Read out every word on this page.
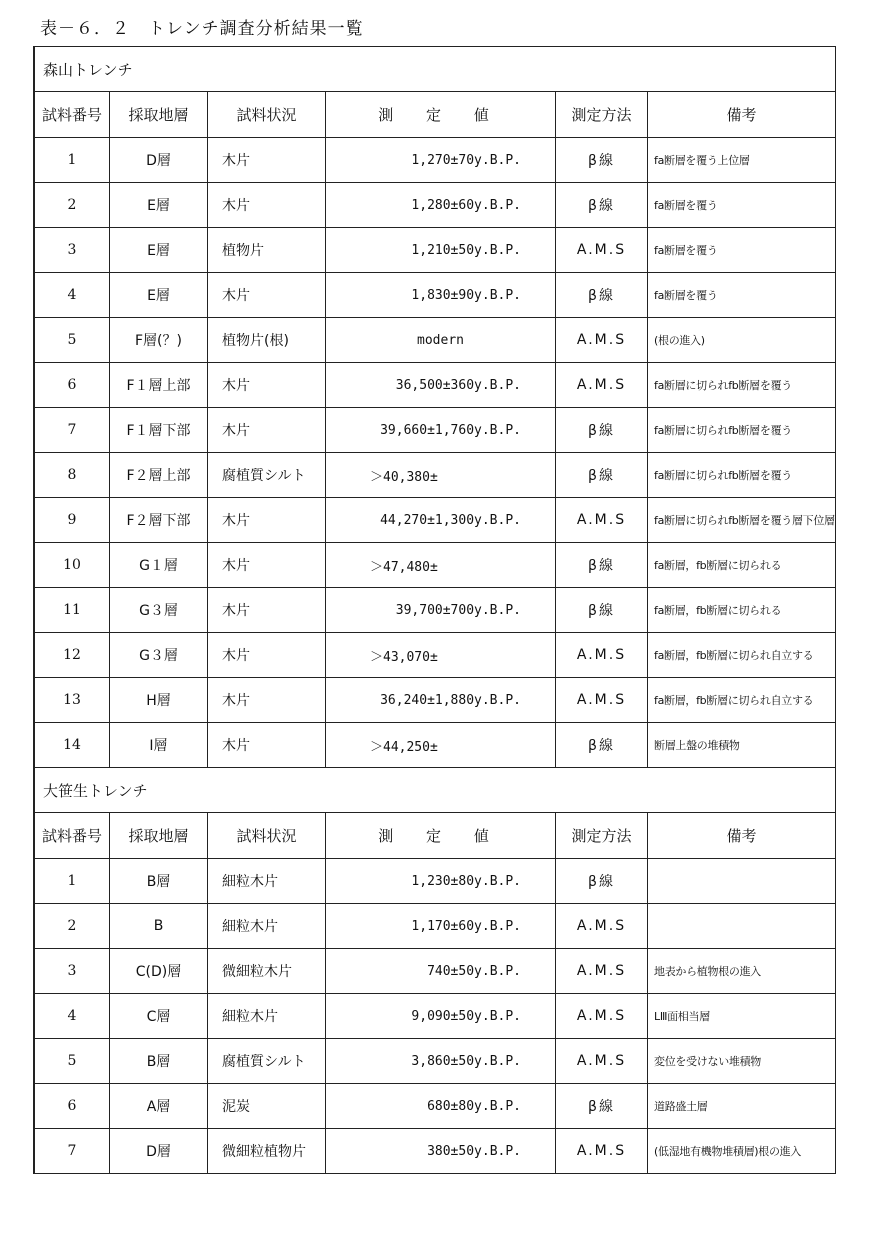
表－６．２　トレンチ調査分析結果一覧
森山トレンチ					
試料番号	採取地層	試料状況	測 定 値	測定方法	備考
1	D層	木片	1,270±70y.B.P.	β線	fa断層を覆う上位層
2	E層	木片	1,280±60y.B.P.	β線	fa断層を覆う
3	E層	植物片	1,210±50y.B.P.	A.M.S	fa断層を覆う
4	E層	木片	1,830±90y.B.P.	β線	fa断層を覆う
5	F層(？)	植物片(根)	modern	A.M.S	(根の進入)
6	F１層上部	木片	36,500±360y.B.P.	A.M.S	fa断層に切られfb断層を覆う
7	F１層下部	木片	39,660±1,760y.B.P.	β線	fa断層に切られfb断層を覆う
8	F２層上部	腐植質シルト	＞40,380±	β線	fa断層に切られfb断層を覆う
9	F２層下部	木片	44,270±1,300y.B.P.	A.M.S	fa断層に切られfb断層を覆う層下位層
10	G１層	木片	＞47,480±	β線	fa断層，fb断層に切られる
11	G３層	木片	39,700±700y.B.P.	β線	fa断層，fb断層に切られる
12	G３層	木片	＞43,070±	A.M.S	fa断層，fb断層に切られ自立する
13	H層	木片	36,240±1,880y.B.P.	A.M.S	fa断層，fb断層に切られ自立する
14	I層	木片	＞44,250±	β線	断層上盤の堆積物
大笹生トレンチ					
試料番号	採取地層	試料状況	測 定 値	測定方法	備考
1	B層	細粒木片	1,230±80y.B.P.	β線	
2	B	細粒木片	1,170±60y.B.P.	A.M.S	
3	C(D)層	微細粒木片	740±50y.B.P.	A.M.S	地表から植物根の進入
4	C層	細粒木片	9,090±50y.B.P.	A.M.S	LⅢ面相当層
5	B層	腐植質シルト	3,860±50y.B.P.	A.M.S	変位を受けない堆積物
6	A層	泥炭	680±80y.B.P.	β線	道路盛土層
7	D層	微細粒植物片	380±50y.B.P.	A.M.S	(低湿地有機物堆積層)根の進入
